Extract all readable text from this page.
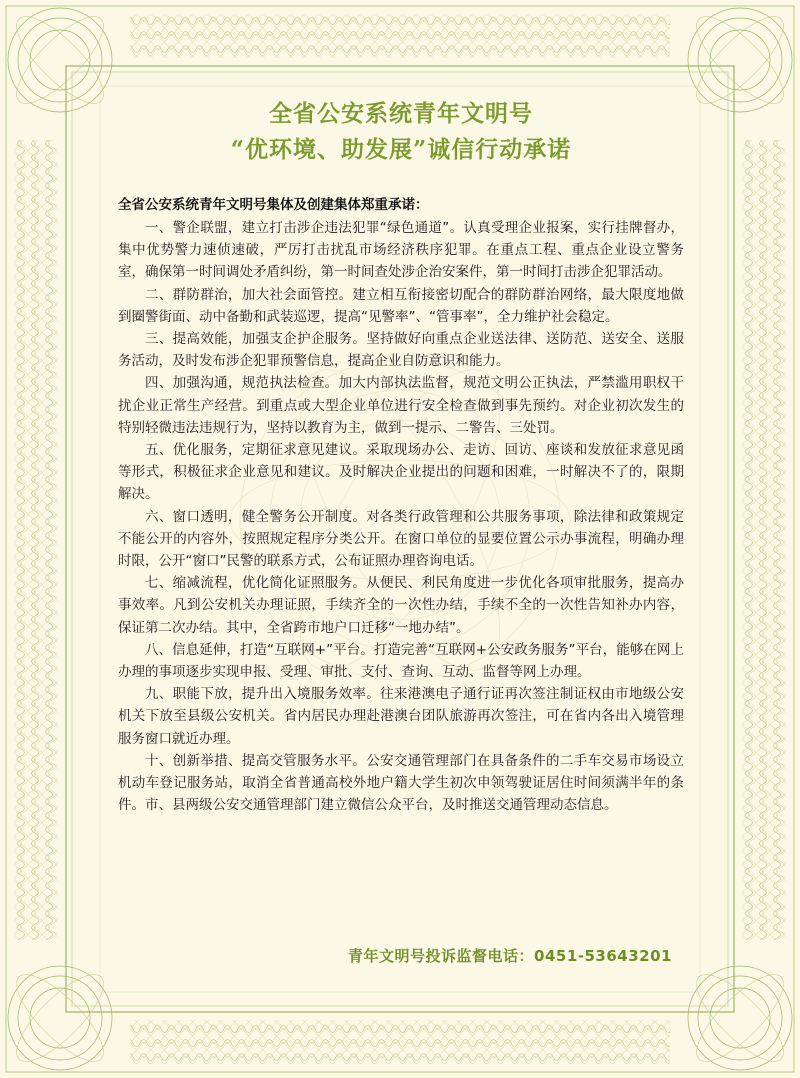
全省公安系统青年文明号

“优环境、助发展”诚信行动承诺

全省公安系统青年文明号集体及创建集体郑重承诺：

一、警企联盟，建立打击涉企违法犯罪“绿色通道”。认真受理企业报案，实行挂牌督办，集中优势警力速侦速破，严厉打击扰乱市场经济秩序犯罪。在重点工程、重点企业设立警务室，确保第一时间调处矛盾纠纷，第一时间查处涉企治安案件，第一时间打击涉企犯罪活动。

二、群防群治，加大社会面管控。建立相互衔接密切配合的群防群治网络，最大限度地做到圈警街面、动中备勤和武装巡逻，提高“见警率”、“管事率”，全力维护社会稳定。

三、提高效能，加强支企护企服务。坚持做好向重点企业送法律、送防范、送安全、送服务活动，及时发布涉企犯罪预警信息，提高企业自防意识和能力。

四、加强沟通，规范执法检查。加大内部执法监督，规范文明公正执法，严禁滥用职权干扰企业正常生产经营。到重点或大型企业单位进行安全检查做到事先预约。对企业初次发生的特别轻微违法违规行为，坚持以教育为主，做到一提示、二警告、三处罚。

五、优化服务，定期征求意见建议。采取现场办公、走访、回访、座谈和发放征求意见函等形式，积极征求企业意见和建议。及时解决企业提出的问题和困难，一时解决不了的，限期解决。

六、窗口透明，健全警务公开制度。对各类行政管理和公共服务事项，除法律和政策规定不能公开的内容外，按照规定程序分类公开。在窗口单位的显要位置公示办事流程，明确办理时限，公开“窗口”民警的联系方式，公布证照办理咨询电话。

七、缩减流程，优化简化证照服务。从便民、利民角度进一步优化各项审批服务，提高办事效率。凡到公安机关办理证照，手续齐全的一次性办结，手续不全的一次性告知补办内容，保证第二次办结。其中，全省跨市地户口迁移“一地办结”。

八、信息延伸，打造“互联网+”平台。打造完善“互联网+公安政务服务”平台，能够在网上办理的事项逐步实现申报、受理、审批、支付、查询、互动、监督等网上办理。

九、职能下放，提升出入境服务效率。往来港澳电子通行证再次签注制证权由市地级公安机关下放至县级公安机关。省内居民办理赴港澳台团队旅游再次签注，可在省内各出入境管理服务窗口就近办理。

十、创新举措、提高交管服务水平。公安交通管理部门在具备条件的二手车交易市场设立机动车登记服务站，取消全省普通高校外地户籍大学生初次申领驾驶证居住时间须满半年的条件。市、县两级公安交通管理部门建立微信公众平台，及时推送交通管理动态信息。

青年文明号投诉监督电话：0451-53643201
